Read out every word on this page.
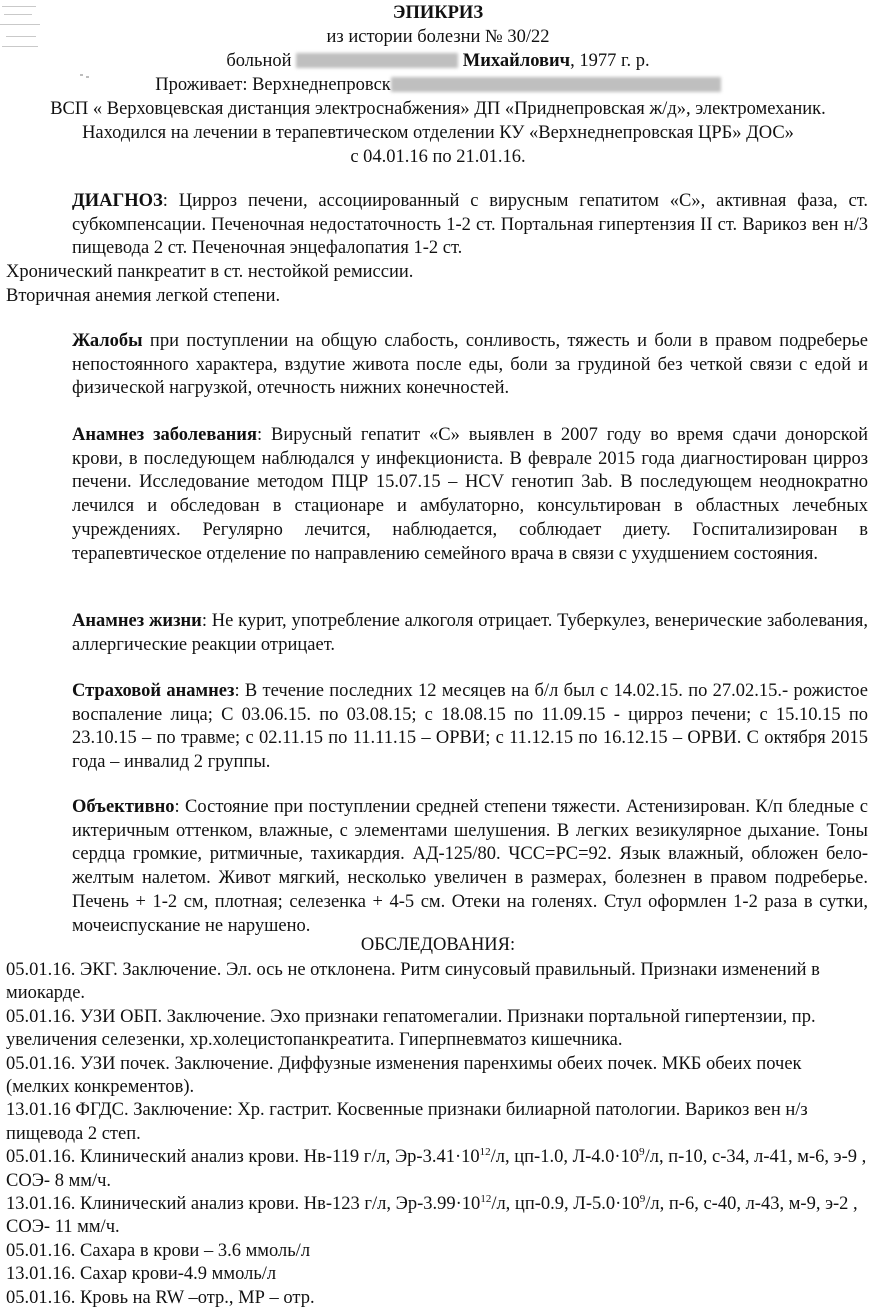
ЭПИКРИЗ
из истории болезни № 30/22
больной	Михайлович, 1977 г. р.
Проживает: Верхнеднепровск
ВСП « Верховцевская дистанция электроснабжения» ДП «Приднепровская ж/д», электромеханик.
Находился на лечении в терапевтическом отделении КУ «Верхнеднепровская ЦРБ» ДОС»
с 04.01.16 по 21.01.16.

ДИАГНОЗ: Цирроз печени, ассоциированный с вирусным гепатитом «С», активная фаза, ст. субкомпенсации. Печеночная недостаточность 1-2 ст. Портальная гипертензия II ст. Варикоз вен н/3 пищевода 2 ст. Печеночная энцефалопатия 1-2 ст.

Хронический панкреатит в ст. нестойкой ремиссии.

Вторичная анемия легкой степени.

Жалобы при поступлении на общую слабость, сонливость, тяжесть и боли в правом подреберье непостоянного характера, вздутие живота после еды, боли за грудиной без четкой связи с едой и физической нагрузкой, отечность нижних конечностей.

Анамнез заболевания: Вирусный гепатит «С» выявлен в 2007 году во время сдачи донорской крови, в последующем наблюдался у инфекциониста. В феврале 2015 года диагностирован цирроз печени. Исследование методом ПЦР 15.07.15 – HCV генотип 3ab. В последующем неоднократно лечился и обследован в стационаре и амбулаторно, консультирован в областных лечебных учреждениях. Регулярно лечится, наблюдается, соблюдает диету. Госпитализирован в терапевтическое отделение по направлению семейного врача в связи с ухудшением состояния.

Анамнез жизни: Не курит, употребление алкоголя отрицает. Туберкулез, венерические заболевания, аллергические реакции отрицает.

Страховой анамнез: В течение последних 12 месяцев на б/л был с 14.02.15. по 27.02.15.- рожистое воспаление лица; С 03.06.15. по 03.08.15; с 18.08.15 по 11.09.15 - цирроз печени; с 15.10.15 по 23.10.15 – по травме; с 02.11.15 по 11.11.15 – ОРВИ; с 11.12.15 по 16.12.15 – ОРВИ. С октября 2015 года – инвалид 2 группы.

Объективно: Состояние при поступлении средней степени тяжести. Астенизирован. К/п бледные с иктеричным оттенком, влажные, с элементами шелушения. В легких везикулярное дыхание. Тоны сердца громкие, ритмичные, тахикардия. АД-125/80. ЧСС=PC=92. Язык влажный, обложен бело-желтым налетом. Живот мягкий, несколько увеличен в размерах, болезнен в правом подреберье. Печень + 1-2 см, плотная; селезенка + 4-5 см. Отеки на голенях. Стул оформлен 1-2 раза в сутки, мочеиспускание не нарушено.

ОБСЛЕДОВАНИЯ:
05.01.16. ЭКГ. Заключение. Эл. ось не отклонена. Ритм синусовый правильный. Признаки изменений в миокарде.
05.01.16. УЗИ ОБП. Заключение. Эхо признаки гепатомегалии. Признаки портальной гипертензии, пр. увеличения селезенки, хр.холецистопанкреатита. Гиперпневматоз кишечника.
05.01.16. УЗИ почек. Заключение. Диффузные изменения паренхимы обеих почек. МКБ обеих почек (мелких конкрементов).
13.01.16 ФГДС. Заключение: Хр. гастрит. Косвенные признаки билиарной патологии. Варикоз вен н/з пищевода 2 степ.
05.01.16. Клинический анализ крови. Нв-119 г/л, $Эр-3.41\cdot 10^{12}/л$, цп-1.0, $Л-4.0\cdot 10^9/л$, п-10, с-34, л-41, м-6, э-9 , СОЭ- 8 мм/ч.
13.01.16. Клинический анализ крови. Нв-123 г/л, $Эр-3.99\cdot 10^{12}/л$, цп-0.9, $Л-5.0\cdot 10^9/л$, п-6, с-40, л-43, м-9, э-2 , СОЭ- 11 мм/ч.
05.01.16. Сахара в крови – 3.6 ммоль/л
13.01.16. Сахар крови-4.9 ммоль/л
05.01.16. Кровь на RW –отр., МР – отр.
